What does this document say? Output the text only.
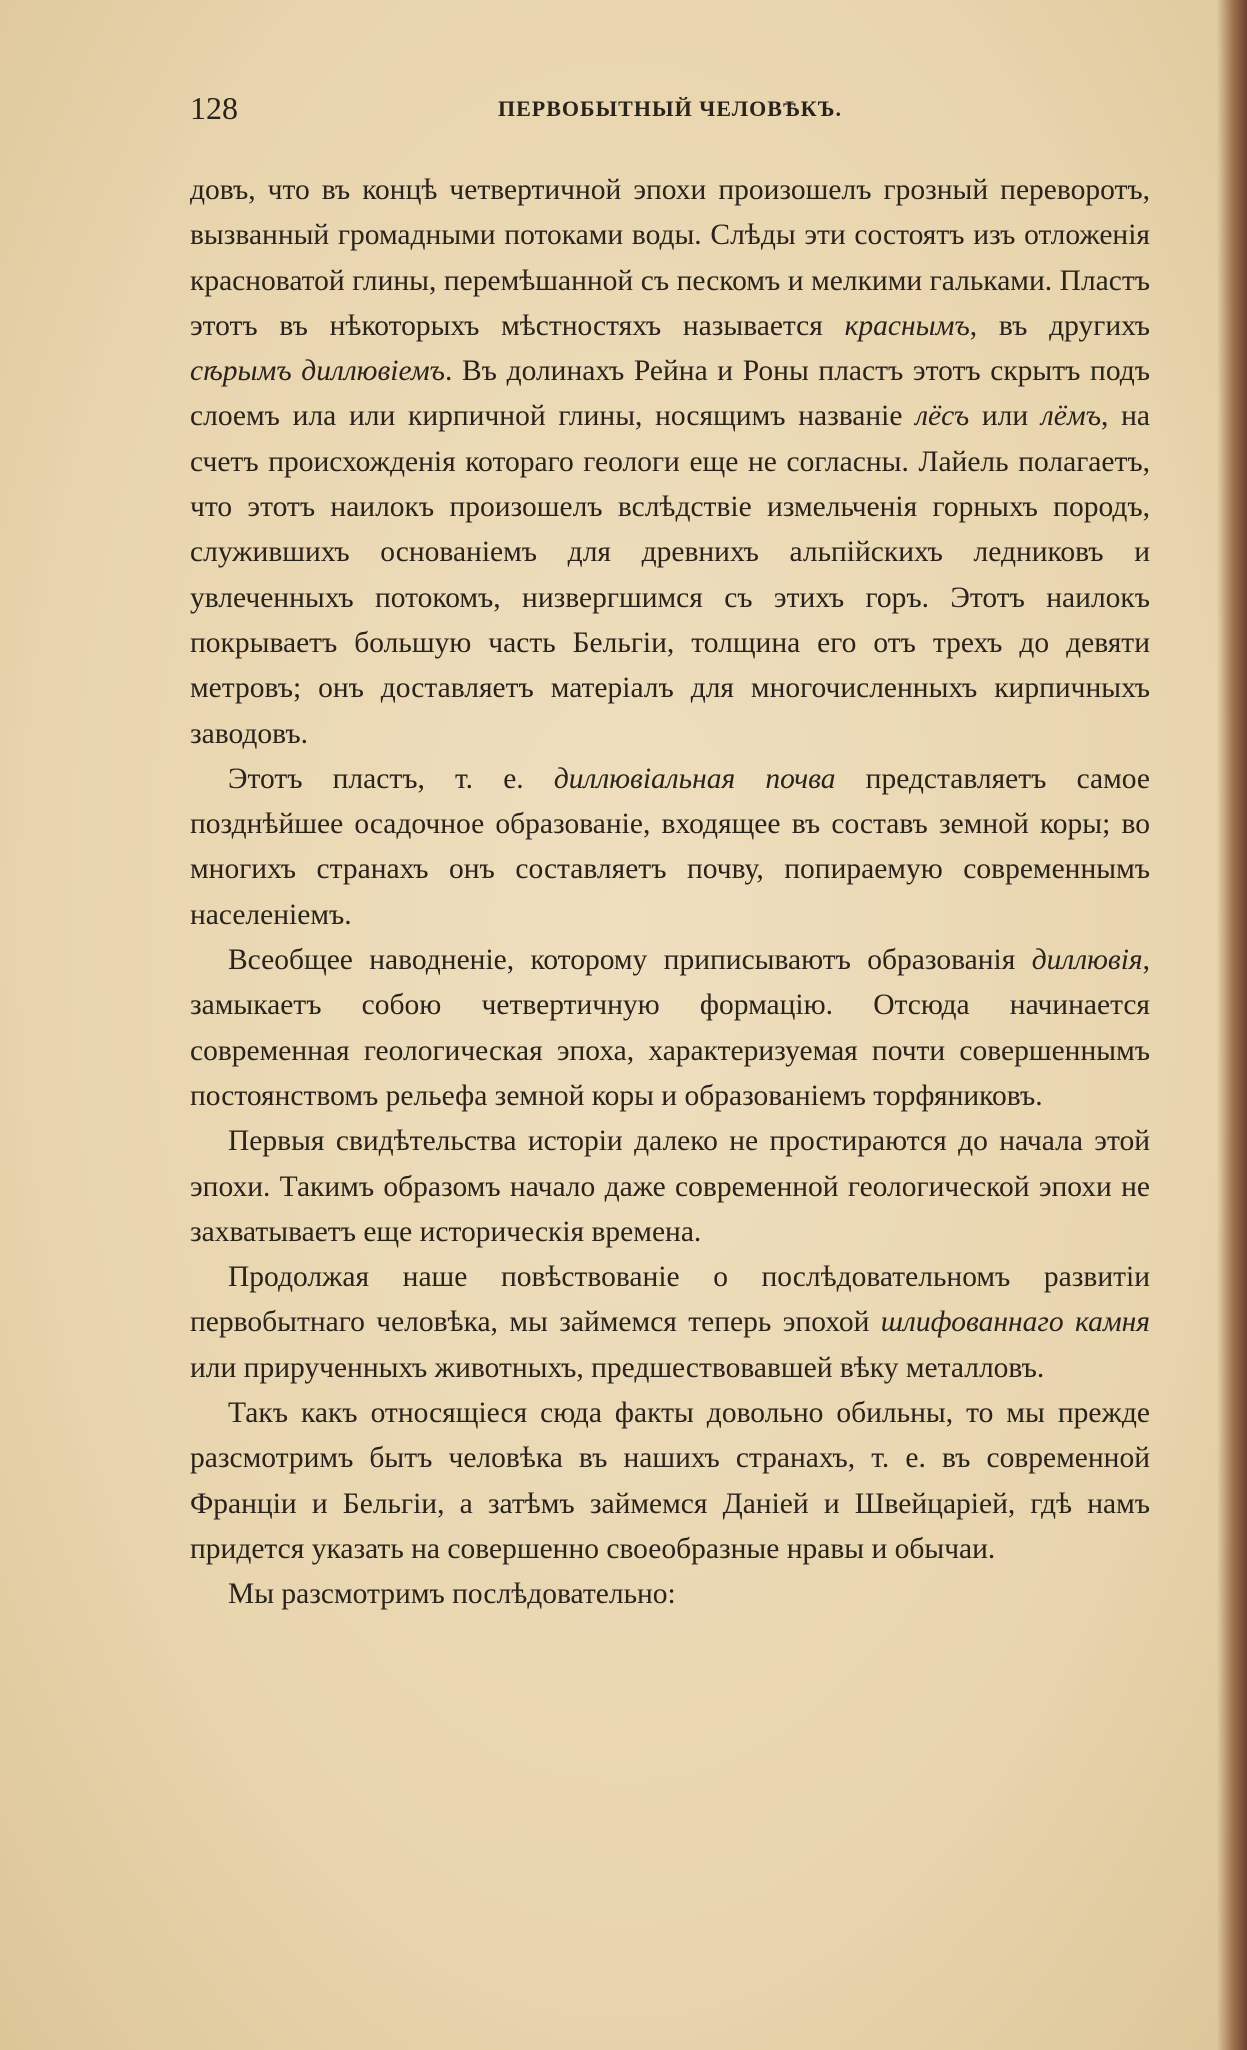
128	ПЕРВОБЫТНЫЙ ЧЕЛОВѢКЪ.

довъ, что въ концѣ четвертичной эпохи произошелъ грозный переворотъ, вызванный громадными потоками воды. Слѣды эти состоятъ изъ отложенія красноватой глины, перемѣшанной съ пескомъ и мелкими гальками. Пластъ этотъ въ нѣкоторыхъ мѣстностяхъ называется краснымъ, въ другихъ сѣрымъ диллювіемъ. Въ долинахъ Рейна и Роны пластъ этотъ скрытъ подъ слоемъ ила или кирпичной глины, носящимъ названіе лёсъ или лёмъ, на счетъ происхожденія котораго геологи еще не согласны. Лайель полагаетъ, что этотъ наилокъ произошелъ вслѣдствіе измельченія горныхъ породъ, служившихъ основаніемъ для древнихъ альпійскихъ ледниковъ и увлеченныхъ потокомъ, низвергшимся съ этихъ горъ. Этотъ наилокъ покрываетъ большую часть Бельгіи, толщина его отъ трехъ до девяти метровъ; онъ доставляетъ матеріалъ для многочисленныхъ кирпичныхъ заводовъ.

Этотъ пластъ, т. е. диллювіальная почва представляетъ самое позднѣйшее осадочное образованіе, входящее въ составъ земной коры; во многихъ странахъ онъ составляетъ почву, попираемую современнымъ населеніемъ.

Всеобщее наводненіе, которому приписываютъ образованія диллювія, замыкаетъ собою четвертичную формацію. Отсюда начинается современная геологическая эпоха, характеризуемая почти совершеннымъ постоянствомъ рельефа земной коры и образованіемъ торфяниковъ.

Первыя свидѣтельства исторіи далеко не простираются до начала этой эпохи. Такимъ образомъ начало даже современной геологической эпохи не захватываетъ еще историческія времена.

Продолжая наше повѣствованіе о послѣдовательномъ развитіи первобытнаго человѣка, мы займемся теперь эпохой шлифованнаго камня или прирученныхъ животныхъ, предшествовавшей вѣку металловъ.

Такъ какъ относящіеся сюда факты довольно обильны, то мы прежде разсмотримъ бытъ человѣка въ нашихъ странахъ, т. е. въ современной Франціи и Бельгіи, а затѣмъ займемся Даніей и Швейцаріей, гдѣ намъ придется указать на совершенно своеобразные нравы и обычаи.

Мы разсмотримъ послѣдовательно:
